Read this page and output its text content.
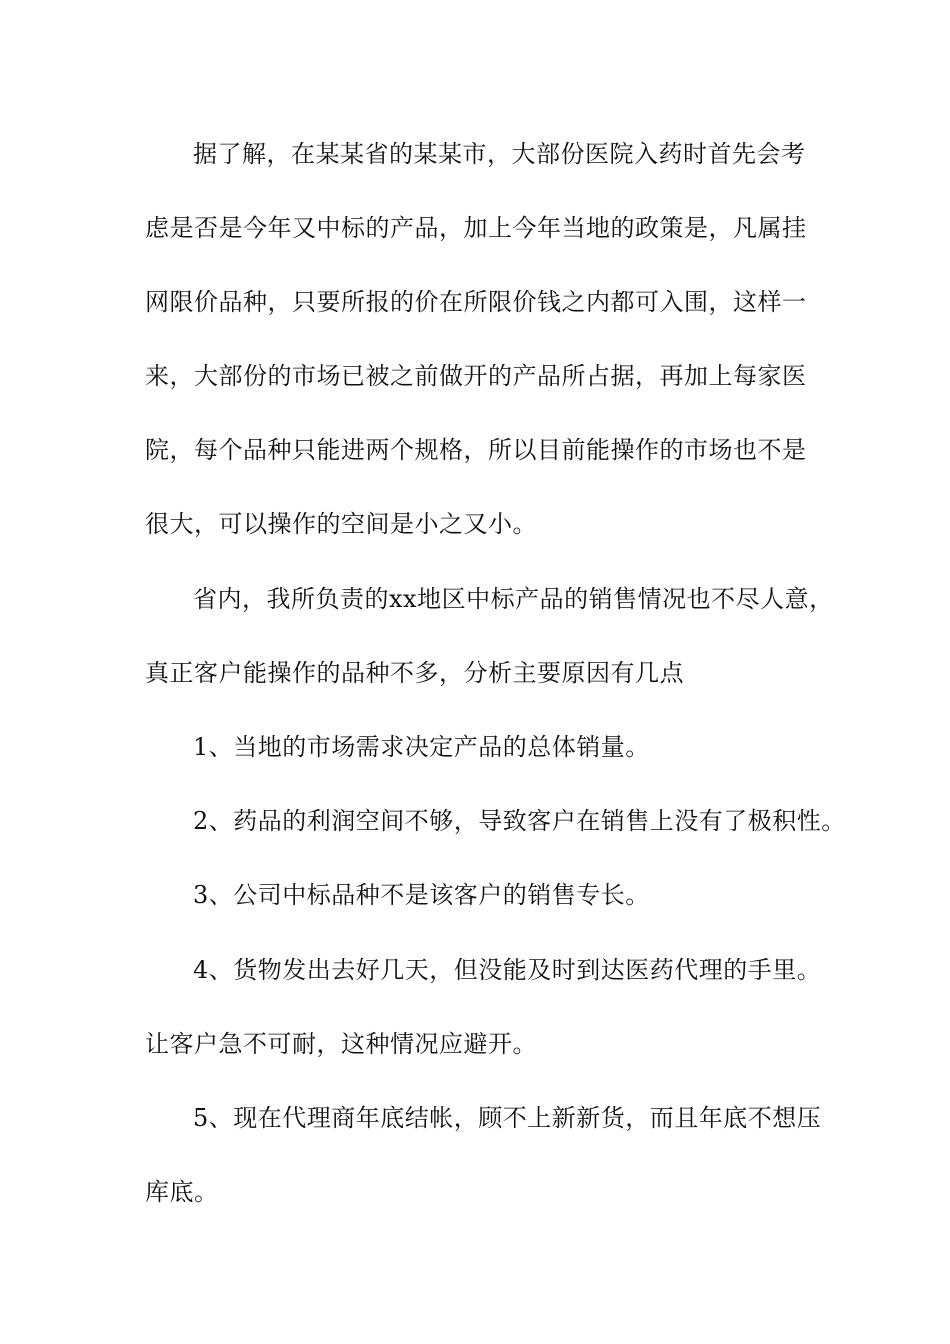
据了解，在某某省的某某市，大部份医院入药时首先会考
虑是否是今年又中标的产品，加上今年当地的政策是，凡属挂
网限价品种，只要所报的价在所限价钱之内都可入围，这样一
来，大部份的市场已被之前做开的产品所占据，再加上每家医
院，每个品种只能进两个规格，所以目前能操作的市场也不是
很大，可以操作的空间是小之又小。
省内，我所负责的xx地区中标产品的销售情况也不尽人意，
真正客户能操作的品种不多，分析主要原因有几点
1、当地的市场需求决定产品的总体销量。
2、药品的利润空间不够，导致客户在销售上没有了极积性。
3、公司中标品种不是该客户的销售专长。
4、货物发出去好几天，但没能及时到达医药代理的手里。
让客户急不可耐，这种情况应避开。
5、现在代理商年底结帐，顾不上新新货，而且年底不想压
库底。
